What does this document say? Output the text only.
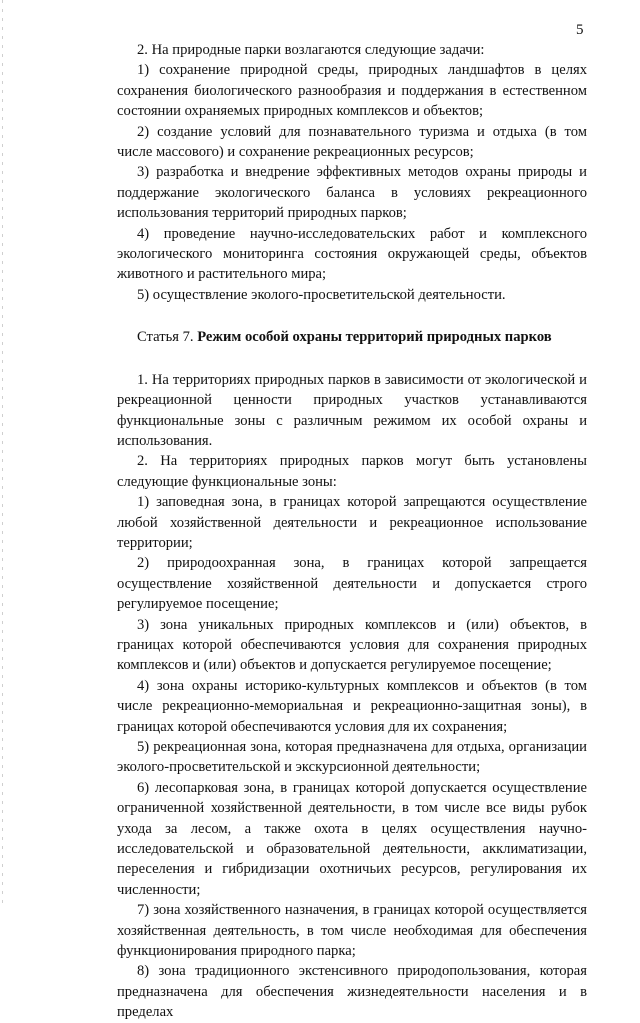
5

2. На природные парки возлагаются следующие задачи:

1) сохранение природной среды, природных ландшафтов в целях сохранения биологического разнообразия и поддержания в естественном состоянии охраняемых природных комплексов и объектов;

2) создание условий для познавательного туризма и отдыха (в том числе массового) и сохранение рекреационных ресурсов;

3) разработка и внедрение эффективных методов охраны природы и поддержание экологического баланса в условиях рекреационного использования территорий природных парков;

4) проведение научно-исследовательских работ и комплексного экологического мониторинга состояния окружающей среды, объектов животного и растительного мира;

5) осуществление эколого-просветительской деятельности.

Статья 7. Режим особой охраны территорий природных парков

1. На территориях природных парков в зависимости от экологической и рекреационной ценности природных участков устанавливаются функциональные зоны с различным режимом их особой охраны и использования.

2. На территориях природных парков могут быть установлены следующие функциональные зоны:

1) заповедная зона, в границах которой запрещаются осуществление любой хозяйственной деятельности и рекреационное использование территории;

2) природоохранная зона, в границах которой запрещается осуществление хозяйственной деятельности и допускается строго регулируемое посещение;

3) зона уникальных природных комплексов и (или) объектов, в границах которой обеспечиваются условия для сохранения природных комплексов и (или) объектов и допускается регулируемое посещение;

4) зона охраны историко-культурных комплексов и объектов (в том числе рекреационно-мемориальная и рекреационно-защитная зоны), в границах которой обеспечиваются условия для их сохранения;

5) рекреационная зона, которая предназначена для отдыха, организации эколого-просветительской и экскурсионной деятельности;

6) лесопарковая зона, в границах которой допускается осуществление ограниченной хозяйственной деятельности, в том числе все виды рубок ухода за лесом, а также охота в целях осуществления научно-исследовательской и образовательной деятельности, акклиматизации, переселения и гибридизации охотничьих ресурсов, регулирования их численности;

7) зона хозяйственного назначения, в границах которой осуществляется хозяйственная деятельность, в том числе необходимая для обеспечения функционирования природного парка;

8) зона традиционного экстенсивного природопользования, которая предназначена для обеспечения жизнедеятельности населения и в пределах
